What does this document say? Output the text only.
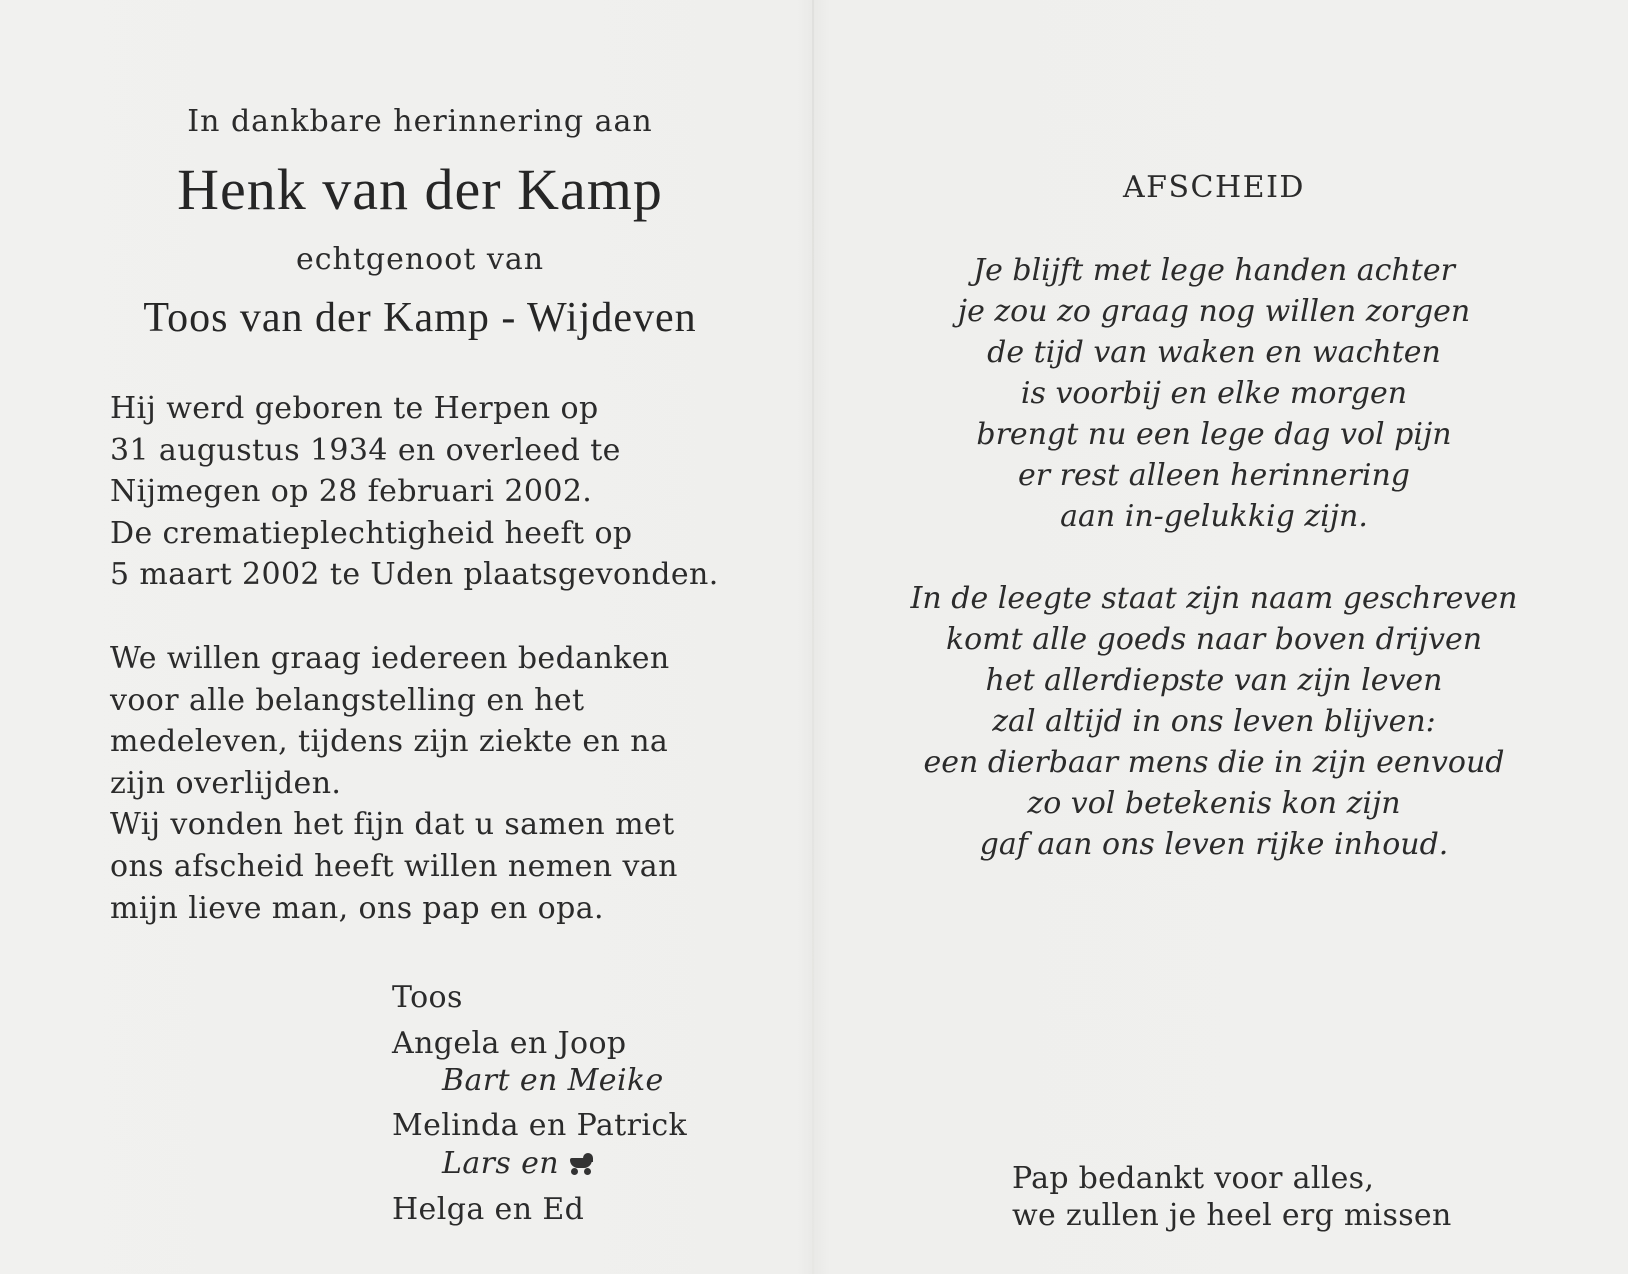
In dankbare herinnering aan
Henk van der Kamp
echtgenoot van
Toos van der Kamp - Wijdeven
Hij werd geboren te Herpen op
31 augustus 1934 en overleed te
Nijmegen op 28 februari 2002.
De crematieplechtigheid heeft op
5 maart 2002 te Uden plaatsgevonden.
We willen graag iedereen bedanken
voor alle belangstelling en het
medeleven, tijdens zijn ziekte en na
zijn overlijden.
Wij vonden het fijn dat u samen met
ons afscheid heeft willen nemen van
mijn lieve man, ons pap en opa.
Toos
Angela en Joop
Bart en Meike
Melinda en Patrick
Lars en
Helga en Ed
AFSCHEID
Je blijft met lege handen achter
je zou zo graag nog willen zorgen
de tijd van waken en wachten
is voorbij en elke morgen
brengt nu een lege dag vol pijn
er rest alleen herinnering
aan in-gelukkig zijn.
In de leegte staat zijn naam geschreven
komt alle goeds naar boven drijven
het allerdiepste van zijn leven
zal altijd in ons leven blijven:
een dierbaar mens die in zijn eenvoud
zo vol betekenis kon zijn
gaf aan ons leven rijke inhoud.
Pap bedankt voor alles,
we zullen je heel erg missen
